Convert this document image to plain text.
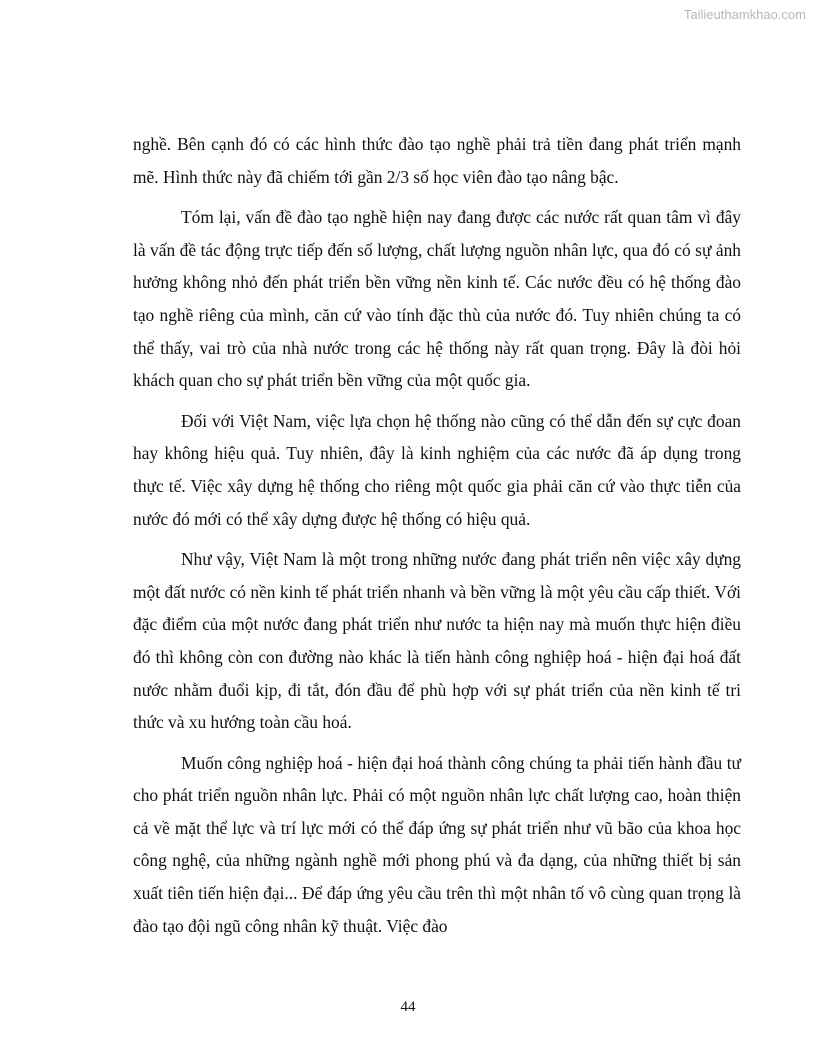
Tailieuthamkhao.com

nghề. Bên cạnh đó có các hình thức đào tạo nghề phải trả tiền đang phát triển mạnh mẽ. Hình thức này đã chiếm tới gần 2/3 số học viên đào tạo nâng bậc.

Tóm lại, vấn đề đào tạo nghề hiện nay đang được các nước rất quan tâm vì đây là vấn đề tác động trực tiếp đến số lượng, chất lượng nguồn nhân lực, qua đó có sự ảnh hưởng không nhỏ đến phát triển bền vững nền kinh tế. Các nước đều có hệ thống đào tạo nghề riêng của mình, căn cứ vào tính đặc thù của nước đó. Tuy nhiên chúng ta có thể thấy, vai trò của nhà nước trong các hệ thống này rất quan trọng. Đây là đòi hỏi khách quan cho sự phát triển bền vững của một quốc gia.

Đối với Việt Nam, việc lựa chọn hệ thống nào cũng có thể dẫn đến sự cực đoan hay không hiệu quả. Tuy nhiên, đây là kinh nghiệm của các nước đã áp dụng trong thực tế. Việc xây dựng hệ thống cho riêng một quốc gia phải căn cứ vào thực tiễn của nước đó mới có thể xây dựng được hệ thống có hiệu quả.

Như vậy, Việt Nam là một trong những nước đang phát triển nên việc xây dựng một đất nước có nền kinh tế phát triển nhanh và bền vững là một yêu cầu cấp thiết. Với đặc điểm của một nước đang phát triển như nước ta hiện nay mà muốn thực hiện điều đó thì không còn con đường nào khác là tiến hành công nghiệp hoá - hiện đại hoá đất nước nhằm đuổi kịp, đi tắt, đón đầu để phù hợp với sự phát triển của nền kinh tế tri thức và xu hướng toàn cầu hoá.

Muốn công nghiệp hoá - hiện đại hoá thành công chúng ta phải tiến hành đầu tư cho phát triển nguồn nhân lực. Phải có một nguồn nhân lực chất lượng cao, hoàn thiện cả về mặt thể lực và trí lực mới có thể đáp ứng sự phát triển như vũ bão của khoa học công nghệ, của những ngành nghề mới phong phú và đa dạng, của những thiết bị sản xuất tiên tiến hiện đại... Để đáp ứng yêu cầu trên thì một nhân tố vô cùng quan trọng là đào tạo đội ngũ công nhân kỹ thuật. Việc đào

44
